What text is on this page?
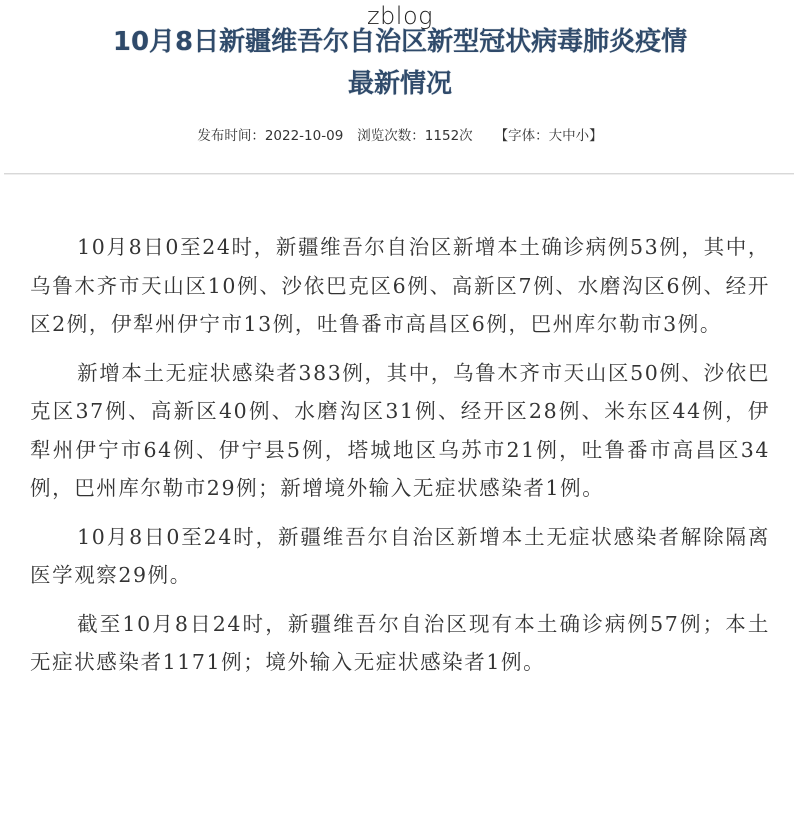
zblog
10月8日新疆维吾尔自治区新型冠状病毒肺炎疫情
最新情况
发布时间：2022-10-09 浏览次数：1152次 【字体：大中小】

10月8日0至24时，新疆维吾尔自治区新增本土确诊病例53例，其中，乌鲁木齐市天山区10例、沙依巴克区6例、高新区7例、水磨沟区6例、经开区2例，伊犁州伊宁市13例，吐鲁番市高昌区6例，巴州库尔勒市3例。

新增本土无症状感染者383例，其中，乌鲁木齐市天山区50例、沙依巴克区37例、高新区40例、水磨沟区31例、经开区28例、米东区44例，伊犁州伊宁市64例、伊宁县5例，塔城地区乌苏市21例，吐鲁番市高昌区34例，巴州库尔勒市29例；新增境外输入无症状感染者1例。

10月8日0至24时，新疆维吾尔自治区新增本土无症状感染者解除隔离医学观察29例。

截至10月8日24时，新疆维吾尔自治区现有本土确诊病例57例；本土无症状感染者1171例；境外输入无症状感染者1例。
